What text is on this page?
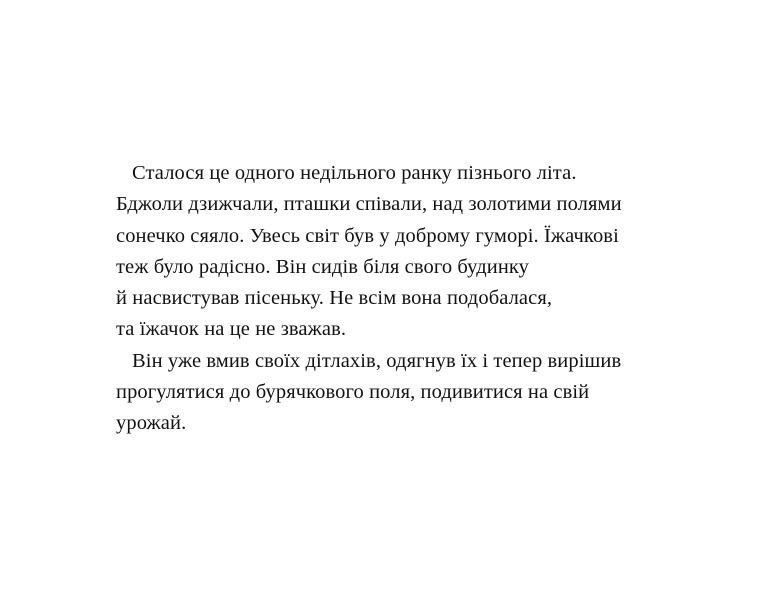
Сталося це одного недільного ранку пізнього літа.
Бджоли дзижчали, пташки співали, над золотими полями
сонечко сяяло. Увесь світ був у доброму гуморі. Їжачкові
теж було радісно. Він сидів біля свого будинку
й насвистував пісеньку. Не всім вона подобалася,
та їжачок на це не зважав.
Він уже вмив своїх дітлахів, одягнув їх і тепер вирішив
прогулятися до бурячкового поля, подивитися на свій
урожай.
